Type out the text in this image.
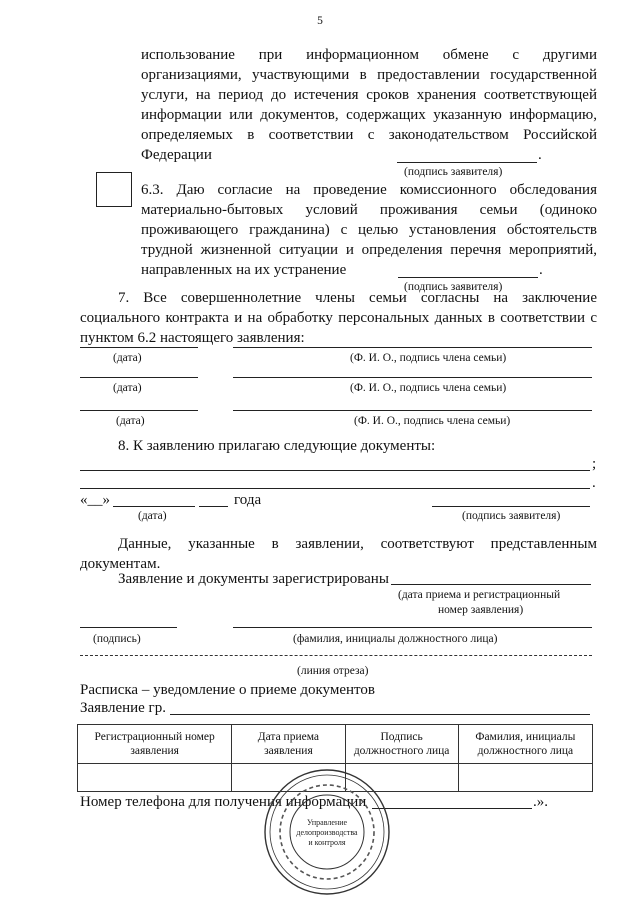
5
использование при информационном обмене с другими
организациями, участвующими в предоставлении государственной
услуги, на период до истечения сроков хранения соответствующей
информации или документов, содержащих указанную информацию,
определяемых в соответствии с законодательством Российской
Федерации	.
(подпись заявителя)
6.3. Даю согласие на проведение комиссионного обследования
материально-бытовых условий проживания семьи (одиноко
проживающего гражданина) с целью установления обстоятельств
трудной жизненной ситуации и определения перечня мероприятий,
направленных на их устранение	.
(подпись заявителя)
7. Все совершеннолетние члены семьи согласны на заключение
социального контракта и на обработку персональных данных в соответствии с
пунктом 6.2 настоящего заявления:
(дата)	(Ф. И. О., подпись члена семьи)
(дата)	(Ф. И. О., подпись члена семьи)
(дата)	(Ф. И. О., подпись члена семьи)
8. К заявлению прилагаю следующие документы:
;
.
«__»	года
(дата)	(подпись заявителя)
Данные, указанные в заявлении, соответствуют представленным
документам.
Заявление и документы зарегистрированы
(дата приема и регистрационный
номер заявления)
(подпись)	(фамилия, инициалы должностного лица)
(линия отреза)
Расписка – уведомление о приеме документов
Заявление гр.
Регистрационный номер заявления	Дата приема заявления	Подпись должностного лица	Фамилия, инициалы должностного лица

Номер телефона для получения информации	.».
Управление
делопроизводства
и контроля
